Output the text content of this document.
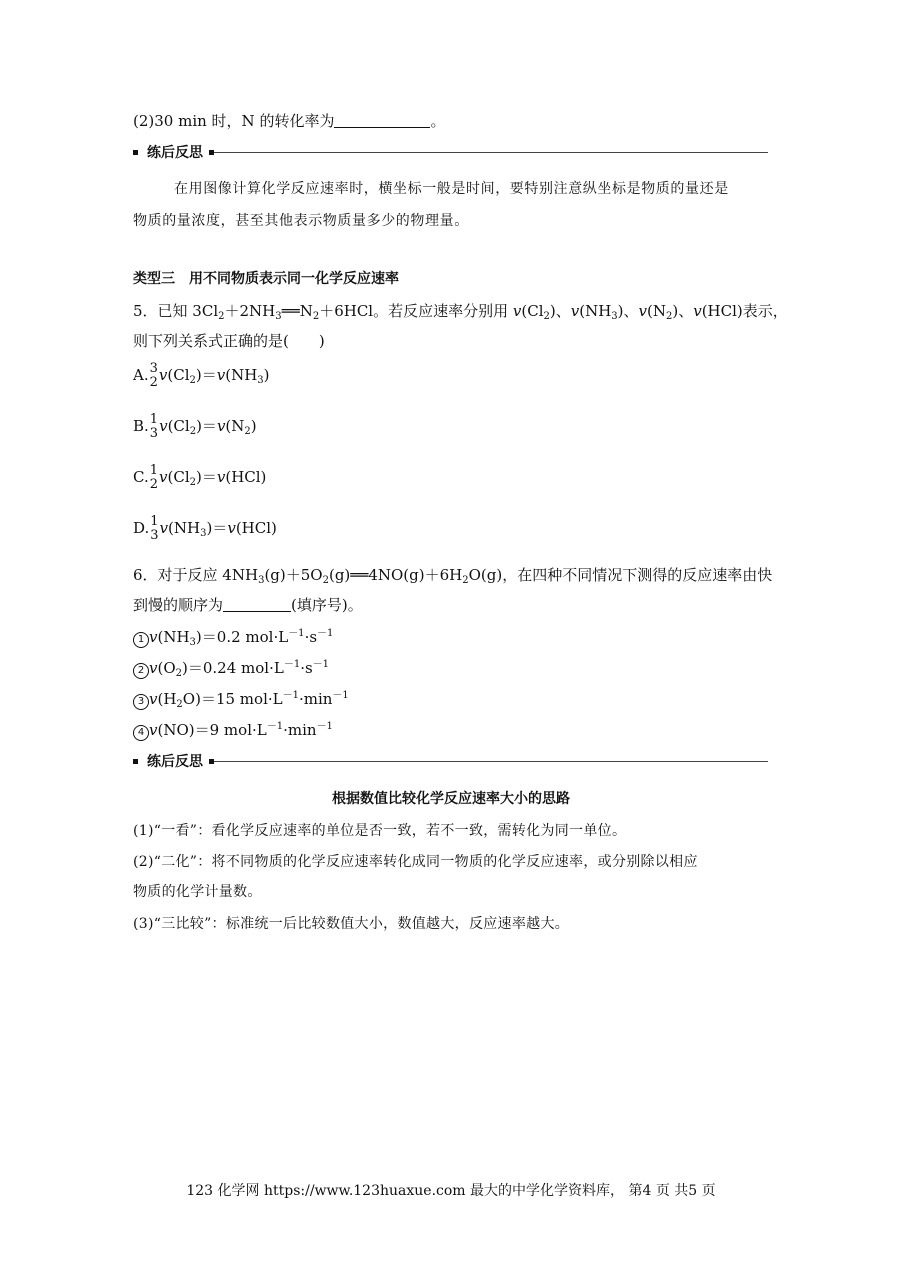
(2)30 min 时，N 的转化率为	。
练后反思
在用图像计算化学反应速率时，横坐标一般是时间，要特别注意纵坐标是物质的量还是
物质的量浓度，甚至其他表示物质量多少的物理量。
类型三　用不同物质表示同一化学反应速率
5．已知 $3Cl_2+2NH_3══N_2+6HCl$。若反应速率分别用 $v(Cl_2)$、$v(NH_3)$、$v(N_2)$、v(HCl)表示，
则下列关系式正确的是(　　)
A. 3
2 $v(Cl_2)=v(NH_3)$
B. 1
3 $v(Cl_2)=v(N_2)$
C. 1
2 $v(Cl_2)=v(HCl)$
D. 1
3 $v(NH_3)=v(HCl)$
6．对于反应 $4NH_3(g)+5O_2(g)══4NO(g)+6H_2O(g)$，在四种不同情况下测得的反应速率由快
到慢的顺序为	(填序号)。
1 $v(NH_3)=0.2$ $mol\cdot L^{-1}\cdot s^{-1}$
2 $v(O_2)=0.24$ $mol\cdot L^{-1}\cdot s^{-1}$
3 $v(H_2O)=15$ $mol\cdot L^{-1}\cdot\min^{-1}$
4 v(NO)＝9 $mol\cdot L^{-1}\cdot\min^{-1}$
练后反思
根据数值比较化学反应速率大小的思路
(1)“一看”：看化学反应速率的单位是否一致，若不一致，需转化为同一单位。
(2)“二化”：将不同物质的化学反应速率转化成同一物质的化学反应速率，或分别除以相应
物质的化学计量数。
(3)“三比较”：标准统一后比较数值大小，数值越大，反应速率越大。
123 化学网 https://www.123huaxue.com 最大的中学化学资料库， 第4 页 共5 页
